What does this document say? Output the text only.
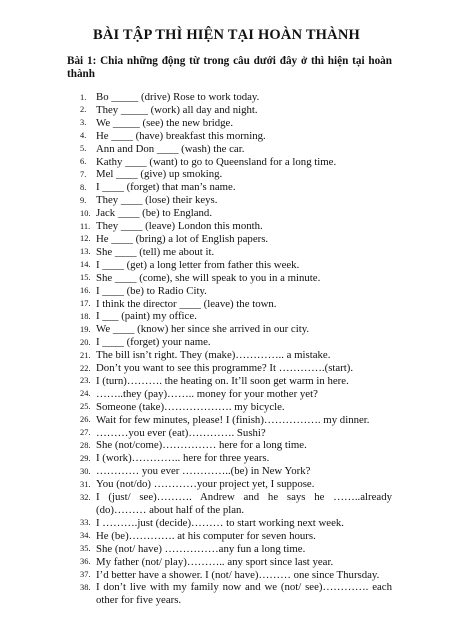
BÀI TẬP THÌ HIỆN TẠI HOÀN THÀNH
Bài 1: Chia những động từ trong câu dưới đây ở thì hiện tại hoàn thành
1. Bo _____ (drive) Rose to work today.
2. They _____ (work) all day and night.
3. We _____ (see) the new bridge.
4. He ____ (have) breakfast this morning.
5. Ann and Don ____ (wash) the car.
6. Kathy ____ (want) to go to Queensland for a long time.
7. Mel ____ (give) up smoking.
8. I ____ (forget) that man’s name.
9. They ____ (lose) their keys.
10. Jack ____ (be) to England.
11. They ____ (leave) London this month.
12. He ____ (bring) a lot of English papers.
13. She ____ (tell) me about it.
14. I ____ (get) a long letter from father this week.
15. She ____ (come), she will speak to you in a minute.
16. I ____ (be) to Radio City.
17. I think the director ____ (leave) the town.
18. I ___ (paint) my office.
19. We ____ (know) her since she arrived in our city.
20. I ____ (forget) your name.
21. The bill isn’t right. They (make)………….. a mistake.
22. Don’t you want to see this programme? It ………….(start).
23. I (turn)………. the heating on. It’ll soon get warm in here.
24. ……..they (pay)…….. money for your mother yet?
25. Someone (take)………………. my bicycle.
26. Wait for few minutes, please! I (finish)……………. my dinner.
27. ………you ever (eat)…………. Sushi?
28. She (not/come)…………… here for a long time.
29. I (work)………….. here for three years.
30. ………… you ever …………..(be) in New York?
31. You (not/do) …………your project yet, I suppose.
32. I (just/ see)………. Andrew and he says he ……..already (do)……… about half of the plan.
33. I ……….just (decide)……… to start working next week.
34. He (be)…………. at his computer for seven hours.
35. She (not/ have) ……………any fun a long time.
36. My father (not/ play)……….. any sport since last year.
37. I’d better have a shower. I (not/ have)……… one since Thursday.
38. I don’t live with my family now and we (not/ see)…………. each other for five years.
